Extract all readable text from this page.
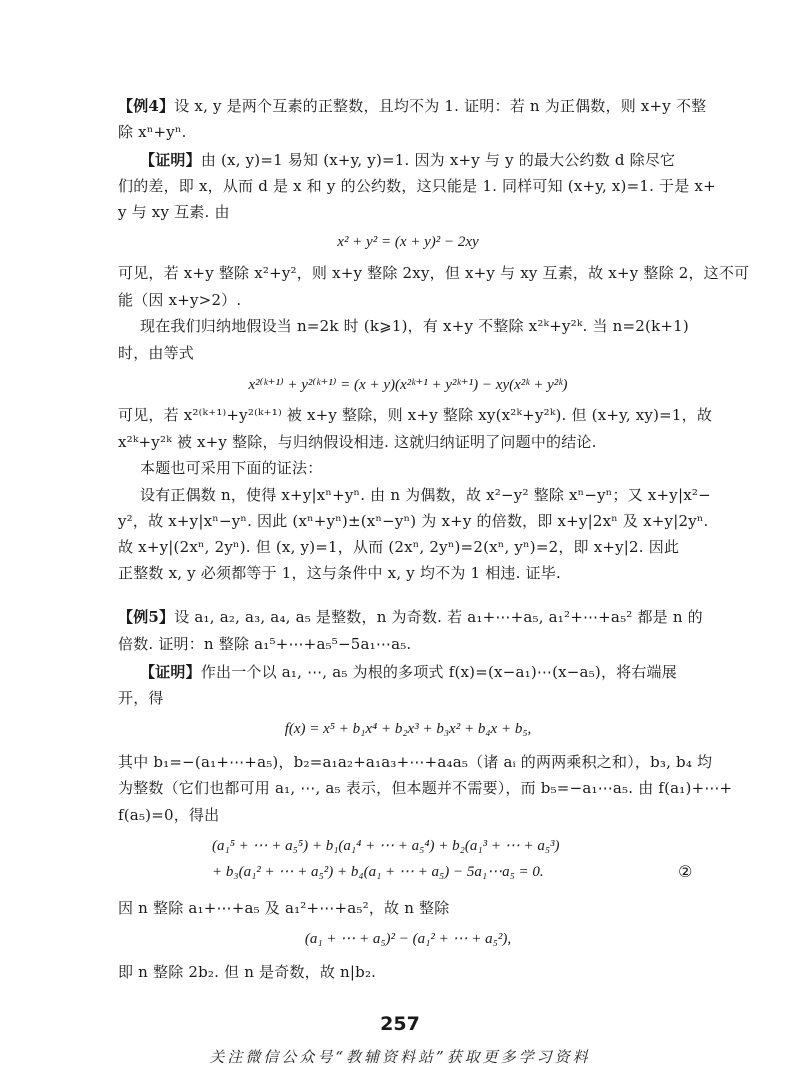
【例4】设 x, y 是两个互素的正整数，且均不为 1. 证明：若 n 为正偶数，则 x+y 不整
除 xⁿ+yⁿ.
【证明】由 (x, y)=1 易知 (x+y, y)=1. 因为 x+y 与 y 的最大公约数 d 除尽它
们的差，即 x，从而 d 是 x 和 y 的公约数，这只能是 1. 同样可知 (x+y, x)=1. 于是 x+
y 与 xy 互素. 由
x² + y² = (x + y)² − 2xy
可见，若 x+y 整除 x²+y²，则 x+y 整除 2xy，但 x+y 与 xy 互素，故 x+y 整除 2，这不可
能（因 x+y>2）.
现在我们归纳地假设当 n=2k 时 (k⩾1)，有 x+y 不整除 x²ᵏ+y²ᵏ. 当 n=2(k+1)
时，由等式
x²⁽ᵏ⁺¹⁾ + y²⁽ᵏ⁺¹⁾ = (x + y)(x²ᵏ⁺¹ + y²ᵏ⁺¹) − xy(x²ᵏ + y²ᵏ)
可见，若 x²⁽ᵏ⁺¹⁾+y²⁽ᵏ⁺¹⁾ 被 x+y 整除，则 x+y 整除 xy(x²ᵏ+y²ᵏ). 但 (x+y, xy)=1，故
x²ᵏ+y²ᵏ 被 x+y 整除，与归纳假设相违. 这就归纳证明了问题中的结论.
本题也可采用下面的证法：
设有正偶数 n，使得 x+y|xⁿ+yⁿ. 由 n 为偶数，故 x²−y² 整除 xⁿ−yⁿ；又 x+y|x²−
y²，故 x+y|xⁿ−yⁿ. 因此 (xⁿ+yⁿ)±(xⁿ−yⁿ) 为 x+y 的倍数，即 x+y|2xⁿ 及 x+y|2yⁿ.
故 x+y|(2xⁿ, 2yⁿ). 但 (x, y)=1，从而 (2xⁿ, 2yⁿ)=2(xⁿ, yⁿ)=2，即 x+y|2. 因此
正整数 x, y 必须都等于 1，这与条件中 x, y 均不为 1 相违. 证毕.
【例5】设 a₁, a₂, a₃, a₄, a₅ 是整数，n 为奇数. 若 a₁+⋯+a₅, a₁²+⋯+a₅² 都是 n 的
倍数. 证明：n 整除 a₁⁵+⋯+a₅⁵−5a₁⋯a₅.
【证明】作出一个以 a₁, ⋯, a₅ 为根的多项式 f(x)=(x−a₁)⋯(x−a₅)，将右端展
开，得
f(x) = x⁵ + b₁x⁴ + b₂x³ + b₃x² + b₄x + b₅,
其中 b₁=−(a₁+⋯+a₅)，b₂=a₁a₂+a₁a₃+⋯+a₄a₅（诸 aᵢ 的两两乘积之和），b₃, b₄ 均
为整数（它们也都可用 a₁, ⋯, a₅ 表示，但本题并不需要），而 b₅=−a₁⋯a₅. 由 f(a₁)+⋯+
f(a₅)=0，得出
(a₁⁵ + ⋯ + a₅⁵) + b₁(a₁⁴ + ⋯ + a₅⁴) + b₂(a₁³ + ⋯ + a₅³)
+ b₃(a₁² + ⋯ + a₅²) + b₄(a₁ + ⋯ + a₅) − 5a₁⋯a₅ = 0.	②
因 n 整除 a₁+⋯+a₅ 及 a₁²+⋯+a₅²，故 n 整除
(a₁ + ⋯ + a₅)² − (a₁² + ⋯ + a₅²),
即 n 整除 2b₂. 但 n 是奇数，故 n|b₂.
257
关注微信公众号“教辅资料站”获取更多学习资料
